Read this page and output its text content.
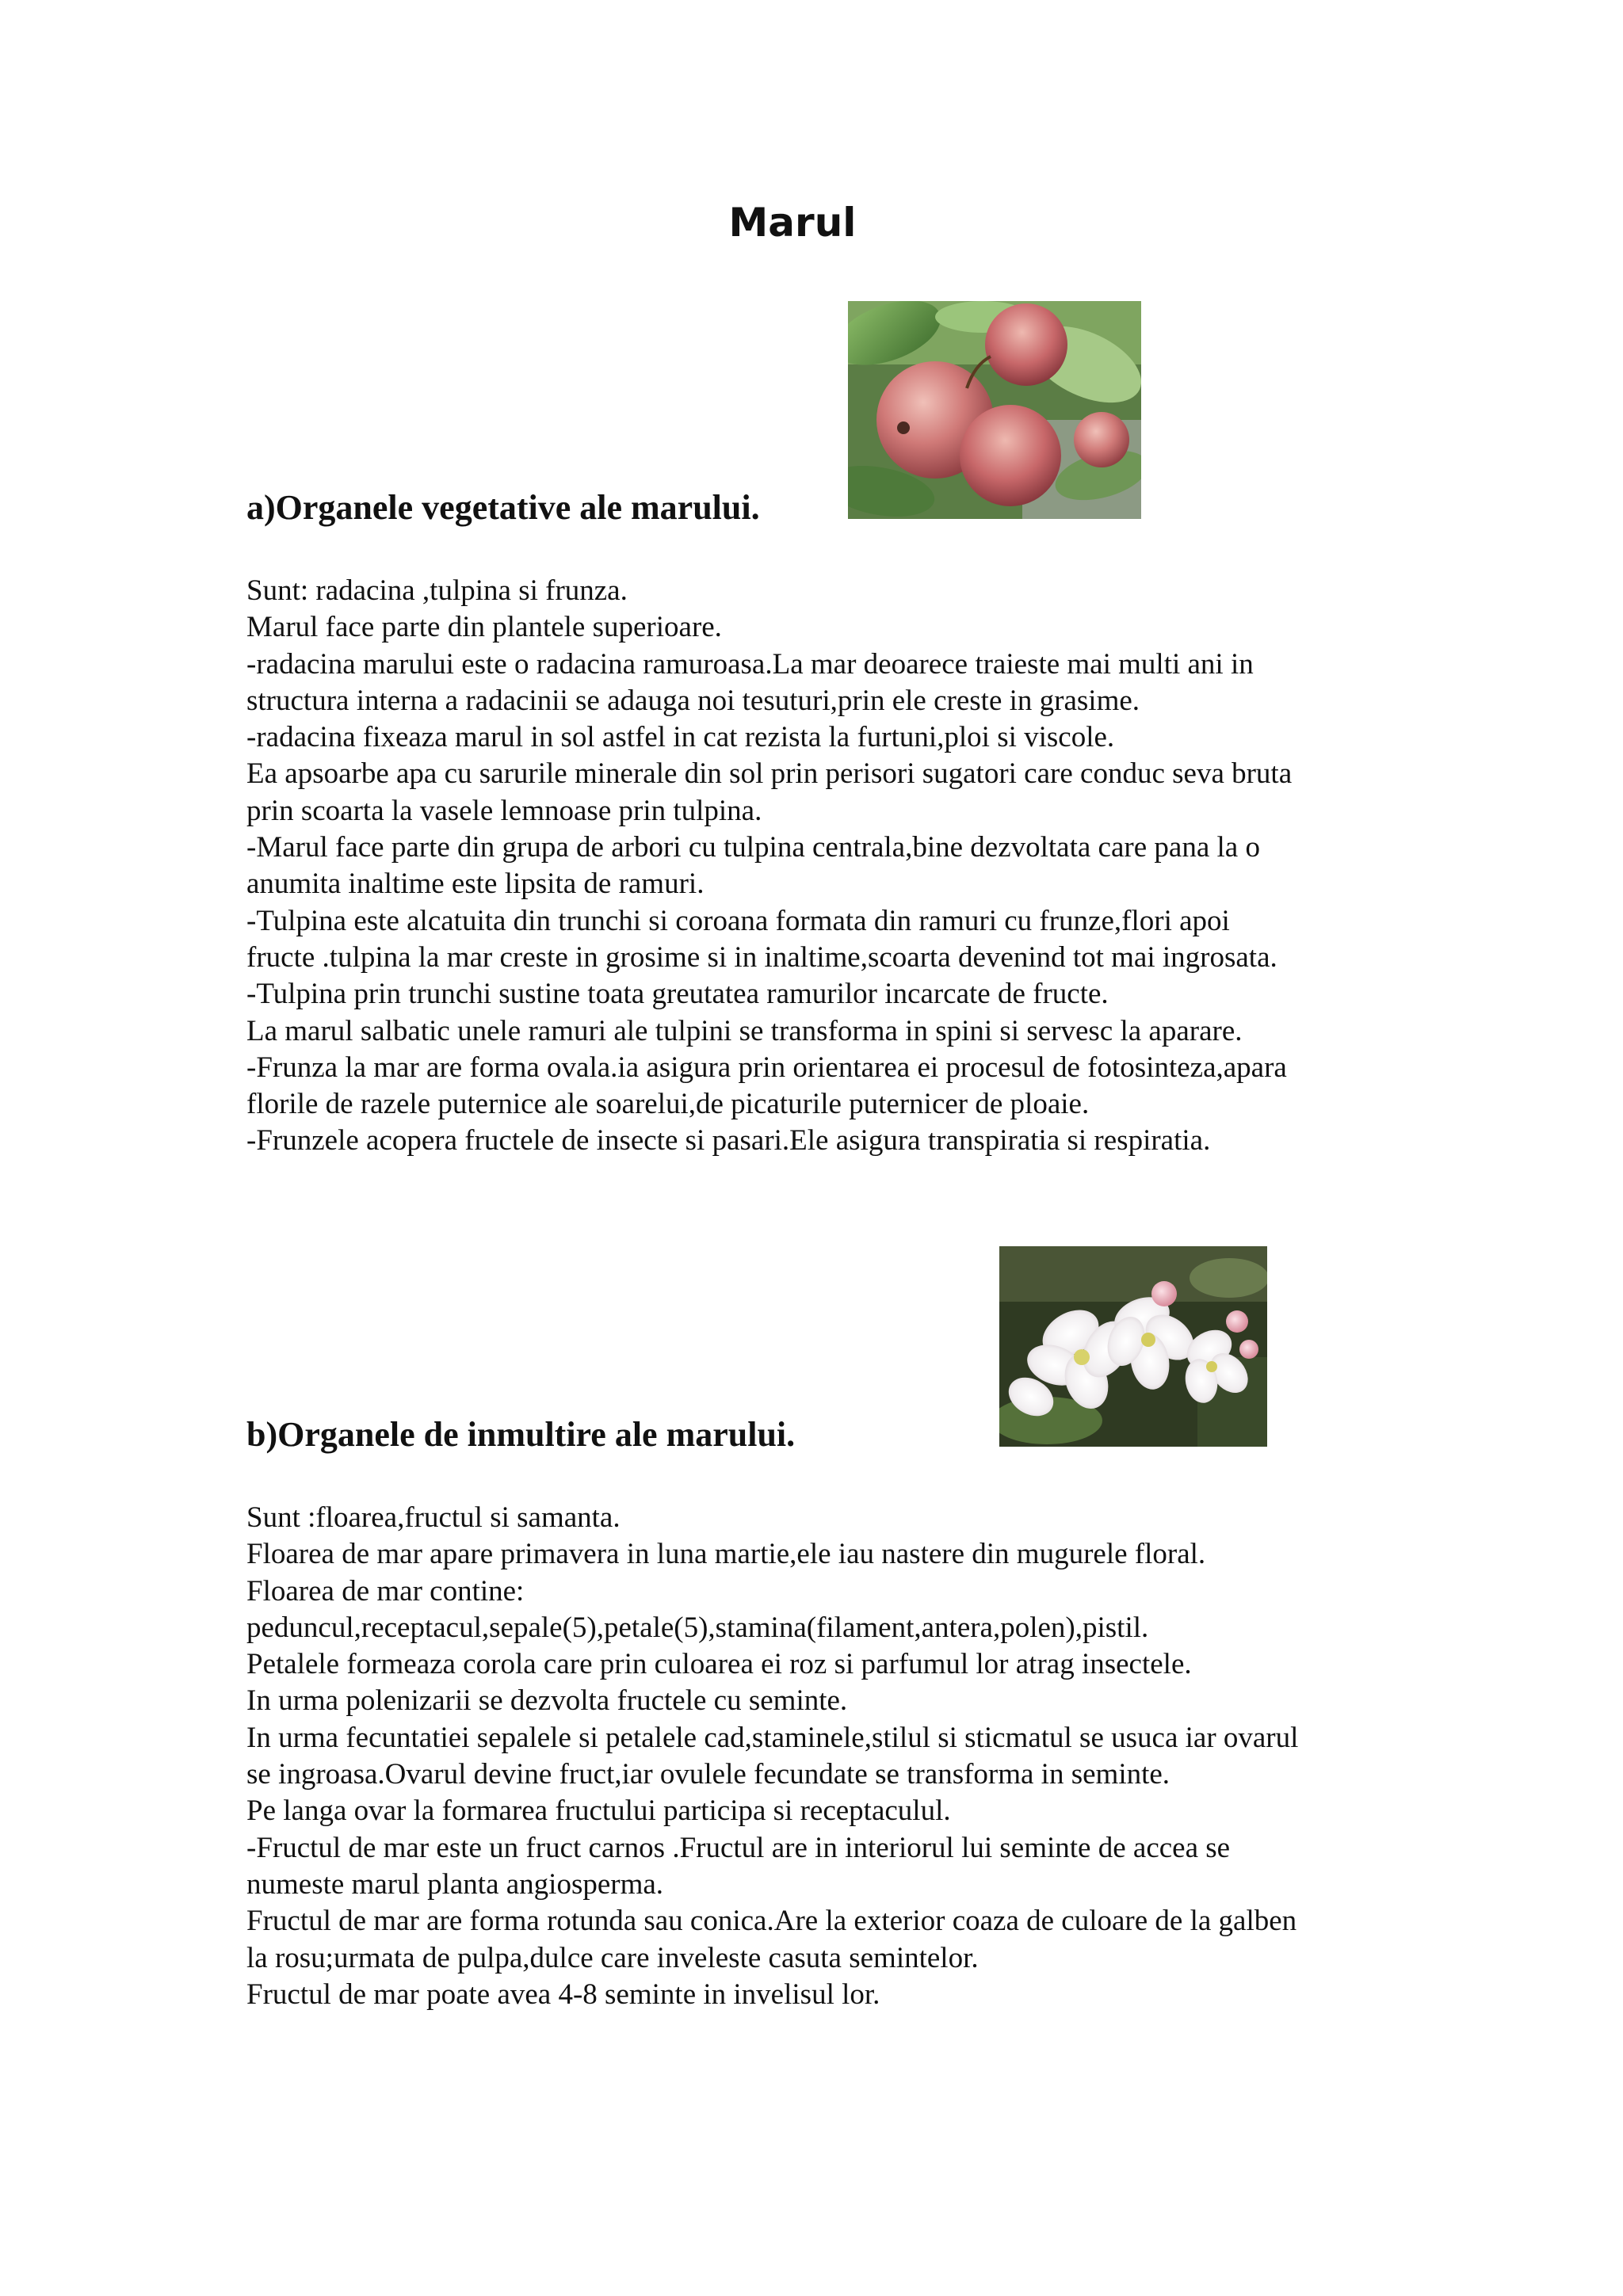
Marul
a)Organele vegetative ale marului.
Sunt: radacina ,tulpina si frunza.
Marul face parte din plantele superioare.
-radacina marului este o radacina ramuroasa.La mar deoarece traieste mai multi ani in
structura interna a radacinii se adauga noi tesuturi,prin ele creste in grasime.
-radacina fixeaza marul in sol astfel in cat rezista la furtuni,ploi si viscole.
Ea apsoarbe apa cu sarurile minerale din sol prin perisori sugatori care conduc seva bruta
prin scoarta la vasele lemnoase prin tulpina.
-Marul face parte din grupa de arbori cu tulpina centrala,bine dezvoltata care pana la o
anumita inaltime este lipsita de ramuri.
-Tulpina este alcatuita din trunchi si coroana formata din ramuri cu frunze,flori apoi
fructe .tulpina la mar creste in grosime si in inaltime,scoarta devenind tot mai ingrosata.
-Tulpina prin trunchi sustine toata greutatea ramurilor incarcate de fructe.
La marul salbatic unele ramuri ale tulpini se transforma in spini si servesc la aparare.
-Frunza la mar are forma ovala.ia asigura prin orientarea ei procesul de fotosinteza,apara
florile de razele puternice ale soarelui,de picaturile puternicer de ploaie.
-Frunzele acopera fructele de insecte si pasari.Ele asigura transpiratia si respiratia.
b)Organele de inmultire ale marului.
Sunt :floarea,fructul si samanta.
Floarea de mar apare primavera in luna martie,ele iau nastere din mugurele floral.
Floarea de mar contine:
peduncul,receptacul,sepale(5),petale(5),stamina(filament,antera,polen),pistil.
Petalele formeaza corola care prin culoarea ei roz si parfumul lor atrag insectele.
In urma polenizarii se dezvolta fructele cu seminte.
In urma fecuntatiei sepalele si petalele cad,staminele,stilul si sticmatul se usuca iar ovarul
se ingroasa.Ovarul devine fruct,iar ovulele fecundate se transforma in seminte.
Pe langa ovar la formarea fructului participa si receptaculul.
-Fructul de mar este un fruct carnos .Fructul are in interiorul lui seminte de accea se
numeste marul planta angiosperma.
Fructul de mar are forma rotunda sau conica.Are la exterior coaza de culoare de la galben
la rosu;urmata de pulpa,dulce care inveleste casuta semintelor.
Fructul de mar poate avea 4-8 seminte in invelisul lor.
